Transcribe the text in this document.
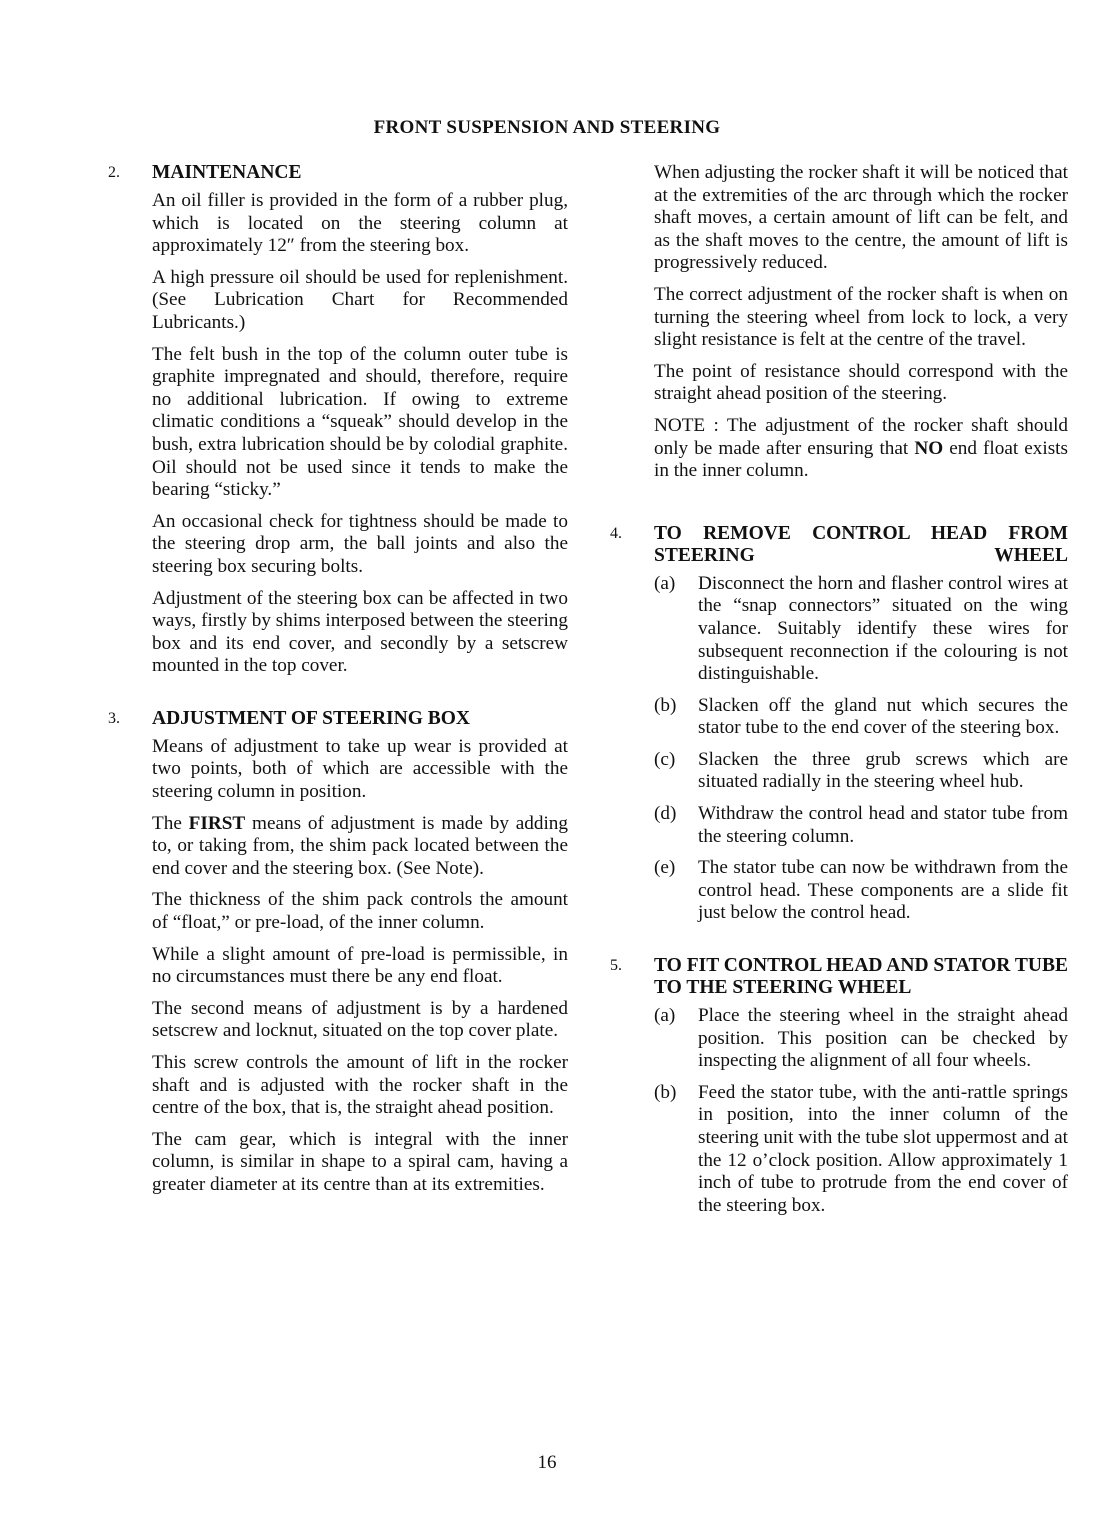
FRONT SUSPENSION AND STEERING
2.	MAINTENANCE

An oil filler is provided in the form of a rubber plug, which is located on the steering column at approximately 12″ from the steering box.

A high pressure oil should be used for replenishment. (See Lubrication Chart for Recommended Lubricants.)

The felt bush in the top of the column outer tube is graphite impregnated and should, therefore, require no additional lubrication. If owing to extreme climatic conditions a “squeak” should develop in the bush, extra lubrication should be by colodial graphite. Oil should not be used since it tends to make the bearing “sticky.”

An occasional check for tightness should be made to the steering drop arm, the ball joints and also the steering box securing bolts.

Adjustment of the steering box can be affected in two ways, firstly by shims interposed between the steering box and its end cover, and secondly by a setscrew mounted in the top cover.

3.	ADJUSTMENT OF STEERING BOX

Means of adjustment to take up wear is provided at two points, both of which are accessible with the steering column in position.

The FIRST means of adjustment is made by adding to, or taking from, the shim pack located between the end cover and the steering box. (See Note).

The thickness of the shim pack controls the amount of “float,” or pre-load, of the inner column.

While a slight amount of pre-load is permissible, in no circumstances must there be any end float.

The second means of adjustment is by a hardened setscrew and locknut, situated on the top cover plate.

This screw controls the amount of lift in the rocker shaft and is adjusted with the rocker shaft in the centre of the box, that is, the straight ahead position.

The cam gear, which is integral with the inner column, is similar in shape to a spiral cam, having a greater diameter at its centre than at its extremities.

When adjusting the rocker shaft it will be noticed that at the extremities of the arc through which the rocker shaft moves, a certain amount of lift can be felt, and as the shaft moves to the centre, the amount of lift is progressively reduced.

The correct adjustment of the rocker shaft is when on turning the steering wheel from lock to lock, a very slight resistance is felt at the centre of the travel.

The point of resistance should correspond with the straight ahead position of the steering.

NOTE : The adjustment of the rocker shaft should only be made after ensuring that NO end float exists in the inner column.

4.	TO REMOVE CONTROL HEAD FROM STEERING WHEEL
(a)	Disconnect the horn and flasher control wires at the “snap connectors” situated on the wing valance. Suitably identify these wires for subsequent reconnection if the colouring is not distinguishable.
(b)	Slacken off the gland nut which secures the stator tube to the end cover of the steering box.
(c)	Slacken the three grub screws which are situated radially in the steering wheel hub.
(d)	Withdraw the control head and stator tube from the steering column.
(e)	The stator tube can now be withdrawn from the control head. These components are a slide fit just below the control head.
5.	TO FIT CONTROL HEAD AND STATOR TUBE TO THE STEERING WHEEL
(a)	Place the steering wheel in the straight ahead position. This position can be checked by inspecting the alignment of all four wheels.
(b)	Feed the stator tube, with the anti-rattle springs in position, into the inner column of the steering unit with the tube slot uppermost and at the 12 o’clock position. Allow approximately 1 inch of tube to protrude from the end cover of the steering box.
16
